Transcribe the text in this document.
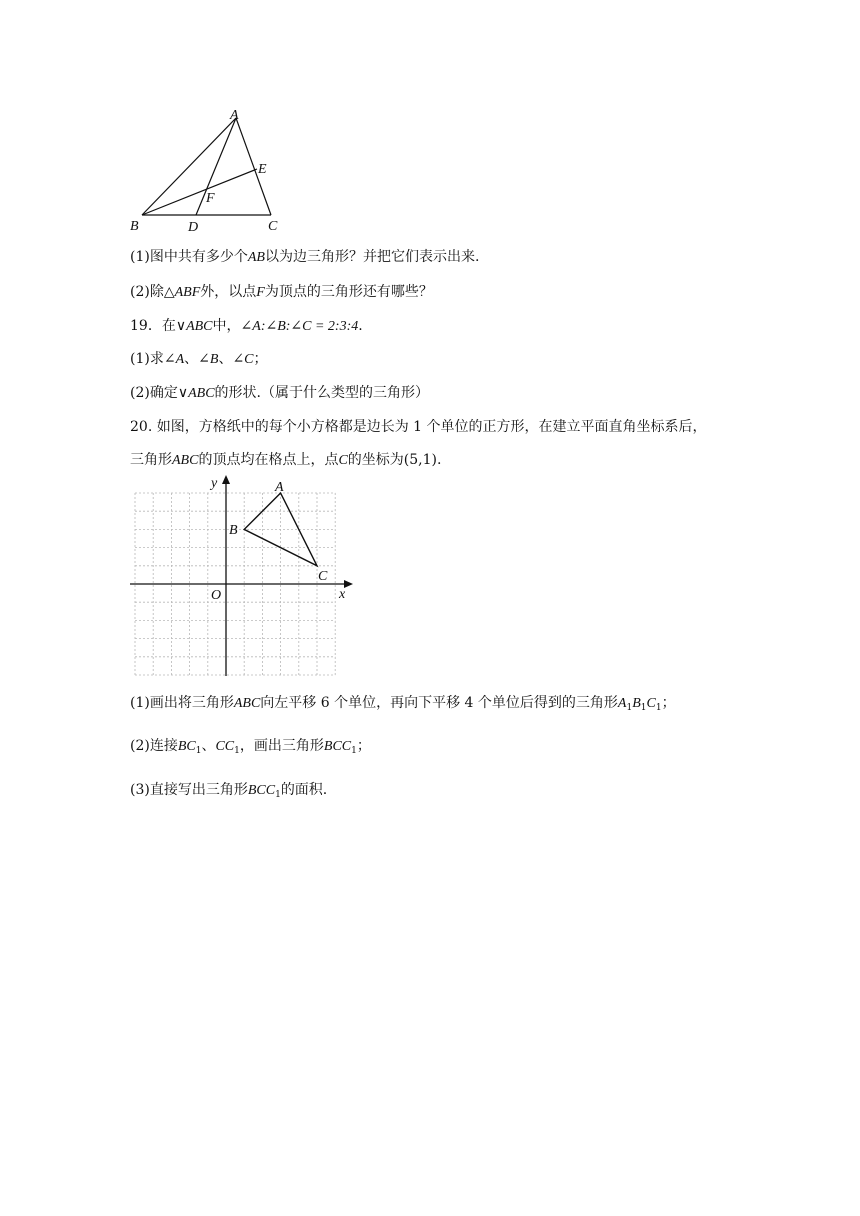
A
B	C
D
E
F
(1)图中共有多少个AB以为边三角形？并把它们表示出来.
(2)除△ABF外，以点F为顶点的三角形还有哪些？
19．在∨ABC中，∠A:∠B:∠C = 2:3:4.
(1)求∠A、∠B、∠C；
(2)确定∨ABC的形状.（属于什么类型的三角形）
20. 如图，方格纸中的每个小方格都是边长为 1 个单位的正方形，在建立平面直角坐标系后，
三角形ABC的顶点均在格点上，点C的坐标为(5,1).
x
y
O
A
B
C
(1)画出将三角形ABC向左平移 6 个单位，再向下平移 4 个单位后得到的三角形$A_1B_1C_1$；
(2)连接$BC_1$、$CC_1$，画出三角形$BCC_1$；
(3)直接写出三角形$BCC_1$的面积.
